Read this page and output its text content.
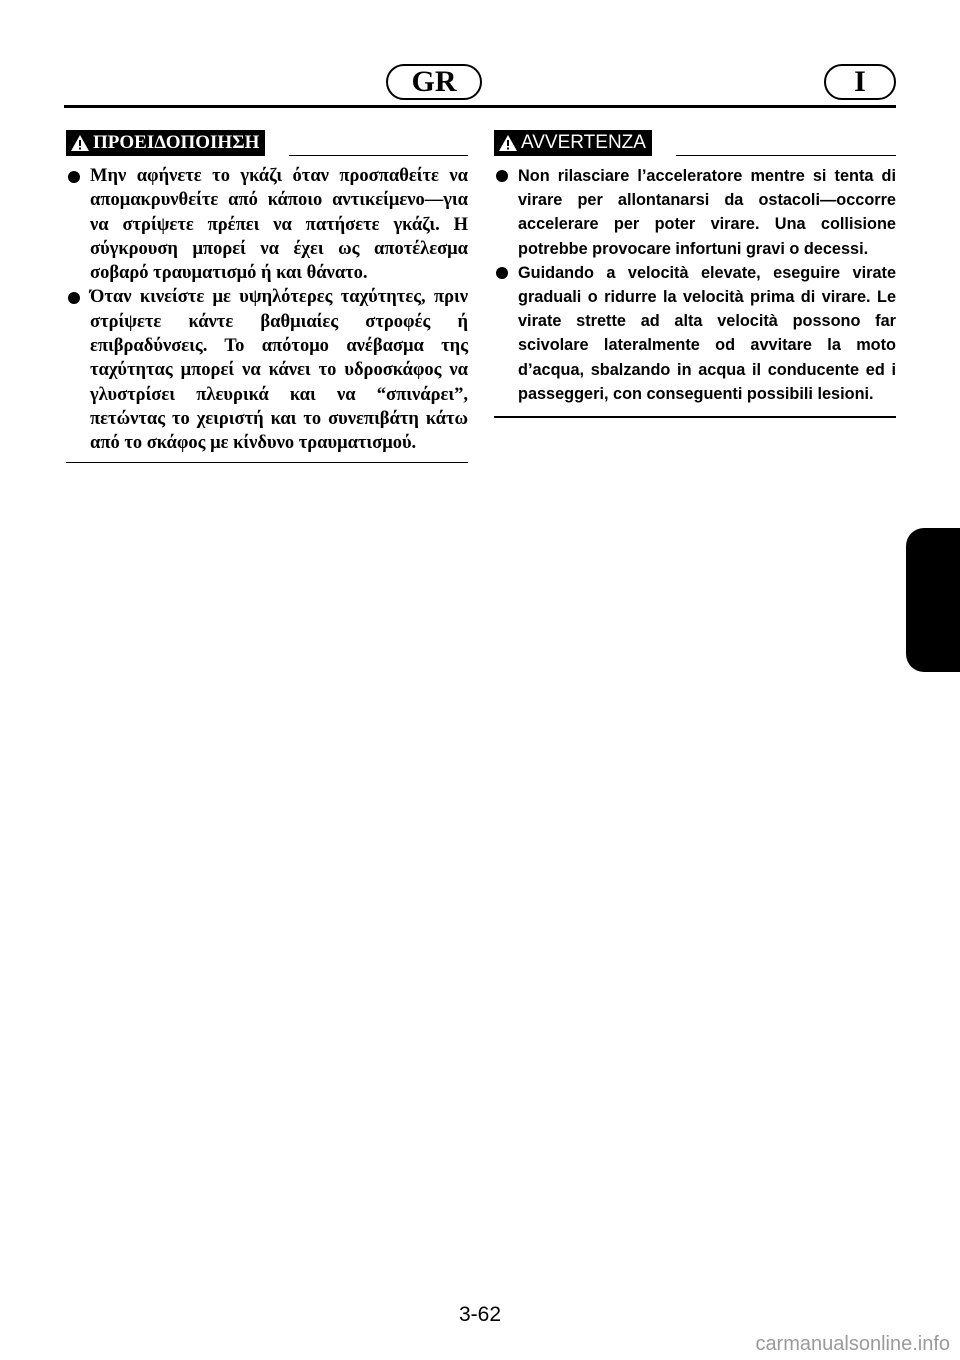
GR	I
ΠΡΟΕΙΔΟΠΟΙΗΣΗ
Μην αφήνετε το γκάζι όταν προσπαθείτε να απομακρυνθείτε από κάποιο αντικείμενο—για να στρίψετε πρέπει να πατήσετε γκάζι. Η σύγκρουση μπορεί να έχει ως αποτέλεσμα σοβαρό τραυματισμό ή και θάνατο.
Όταν κινείστε με υψηλότερες ταχύτητες, πριν στρίψετε κάντε βαθμιαίες στροφές ή επιβραδύνσεις. Το απότομο ανέβασμα της ταχύτητας μπορεί να κάνει το υδροσκάφος να γλυστρίσει πλευρικά και να “σπινάρει”, πετώντας το χειριστή και το συνεπιβάτη κάτω από το σκάφος με κίνδυνο τραυματισμού.
AVVERTENZA
Non rilasciare l’acceleratore mentre si tenta di virare per allontanarsi da ostacoli—occorre accelerare per poter virare. Una collisione potrebbe provocare infortuni gravi o decessi.
Guidando a velocità elevate, eseguire virate graduali o ridurre la velocità prima di virare. Le virate strette ad alta velocità possono far scivolare lateralmente od avvitare la moto d’acqua, sbalzando in acqua il conducente ed i passeggeri, con conseguenti possibili lesioni.
3-62
carmanualsonline.info
